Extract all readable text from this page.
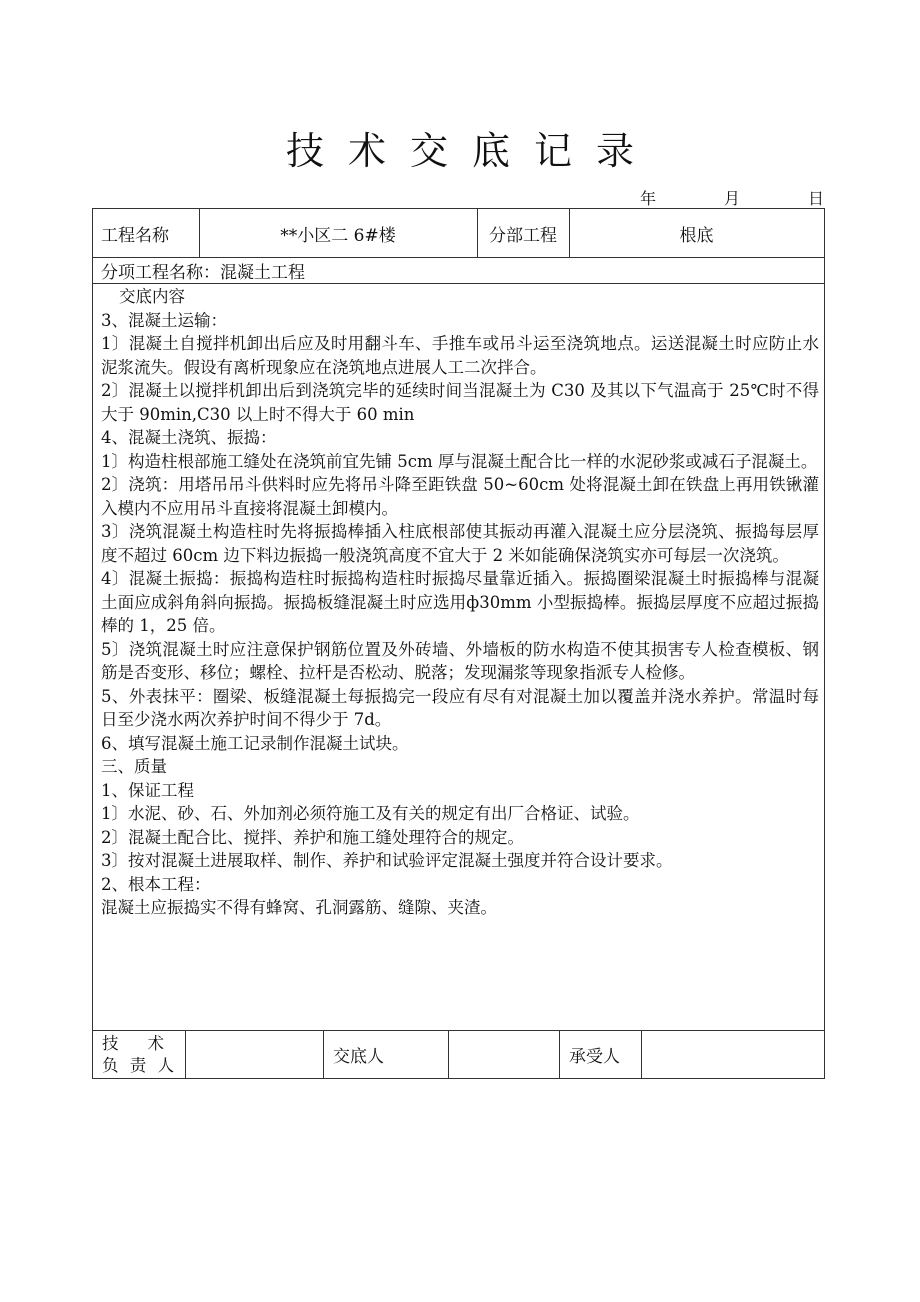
技术交底记录
年	月	日
工程名称	**小区二 6#楼	分部工程	根底
分项工程名称： 混凝土工程

交底内容

3、混凝土运输：

1〕混凝土自搅拌机卸出后应及时用翻斗车、手推车或吊斗运至浇筑地点。运送混凝土时应防止水泥浆流失。假设有离析现象应在浇筑地点进展人工二次拌合。

2〕混凝土以搅拌机卸出后到浇筑完毕的延续时间当混凝土为 C30 及其以下气温高于 25℃时不得大于 90min,C30 以上时不得大于 60 min

4、混凝土浇筑、振捣：

1〕构造柱根部施工缝处在浇筑前宜先铺 5cm 厚与混凝土配合比一样的水泥砂浆或减石子混凝土。

2〕浇筑：用塔吊吊斗供料时应先将吊斗降至距铁盘 50~60cm 处将混凝土卸在铁盘上再用铁锹灌入模内不应用吊斗直接将混凝土卸模内。

3〕浇筑混凝土构造柱时先将振捣棒插入柱底根部使其振动再灌入混凝土应分层浇筑、振捣每层厚度不超过 60cm 边下料边振捣一般浇筑高度不宜大于 2 米如能确保浇筑实亦可每层一次浇筑。

4〕混凝土振捣：振捣构造柱时振捣构造柱时振捣尽量靠近插入。振捣圈梁混凝土时振捣棒与混凝土面应成斜角斜向振捣。振捣板缝混凝土时应选用ф30mm 小型振捣棒。振捣层厚度不应超过振捣棒的 1，25 倍。

5〕浇筑混凝土时应注意保护钢筋位置及外砖墙、外墙板的防水构造不使其损害专人检查模板、钢筋是否变形、移位；螺栓、拉杆是否松动、脱落；发现漏浆等现象指派专人检修。

5、外表抹平：圈梁、板缝混凝土每振捣完一段应有尽有对混凝土加以覆盖并浇水养护。常温时每日至少浇水两次养护时间不得少于 7d。

6、填写混凝土施工记录制作混凝土试块。

三、质量

1、保证工程

1〕水泥、砂、石、外加剂必须符施工及有关的规定有出厂合格证、试验。

2〕混凝土配合比、搅拌、养护和施工缝处理符合的规定。

3〕按对混凝土进展取样、制作、养护和试验评定混凝土强度并符合设计要求。

2、根本工程：

混凝土应振捣实不得有蜂窝、孔洞露筋、缝隙、夹渣。

技 术
负 责 人	交底人	承受人
